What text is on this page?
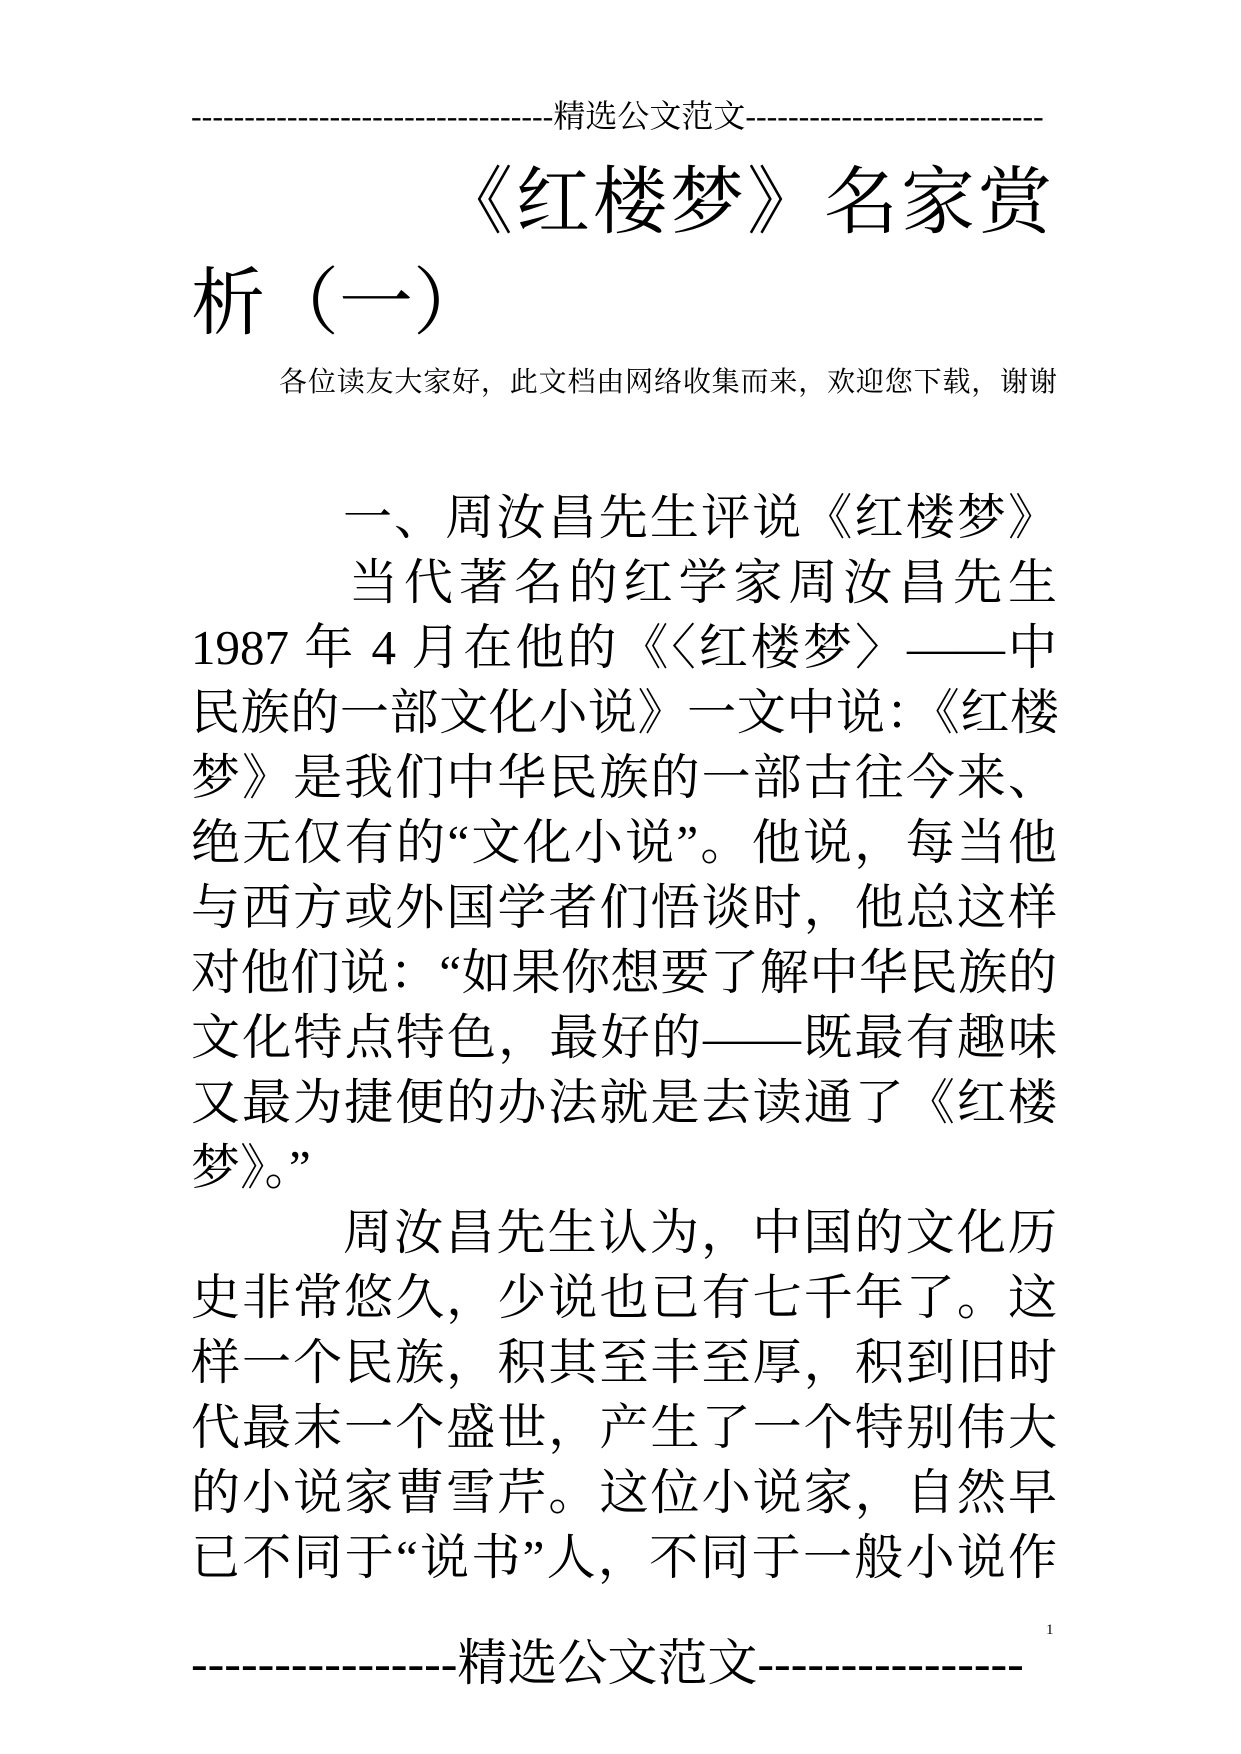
----------------------------------精选公文范文----------------------------
《红楼梦》名家赏
析（一）
各位读友大家好，此文档由网络收集而来，欢迎您下载，谢谢
一、周汝昌先生评说《红楼梦》
当代著名的红学家周汝昌先生
1987 年 4 月在他的《〈红楼梦〉——中
民族的一部文化小说》一文中说：《红楼
梦》是我们中华民族的一部古往今来、
绝无仅有的“文化小说”。他说，每当他
与西方或外国学者们悟谈时，他总这样
对他们说：“如果你想要了解中华民族的
文化特点特色，最好的——既最有趣味
又最为捷便的办法就是去读通了《红楼
梦》。”
周汝昌先生认为，中国的文化历
史非常悠久，少说也已有七千年了。这
样一个民族，积其至丰至厚，积到旧时
代最末一个盛世，产生了一个特别伟大
的小说家曹雪芹。这位小说家，自然早
已不同于“说书”人，不同于一般小说作
1
----------------精选公文范文----------------
